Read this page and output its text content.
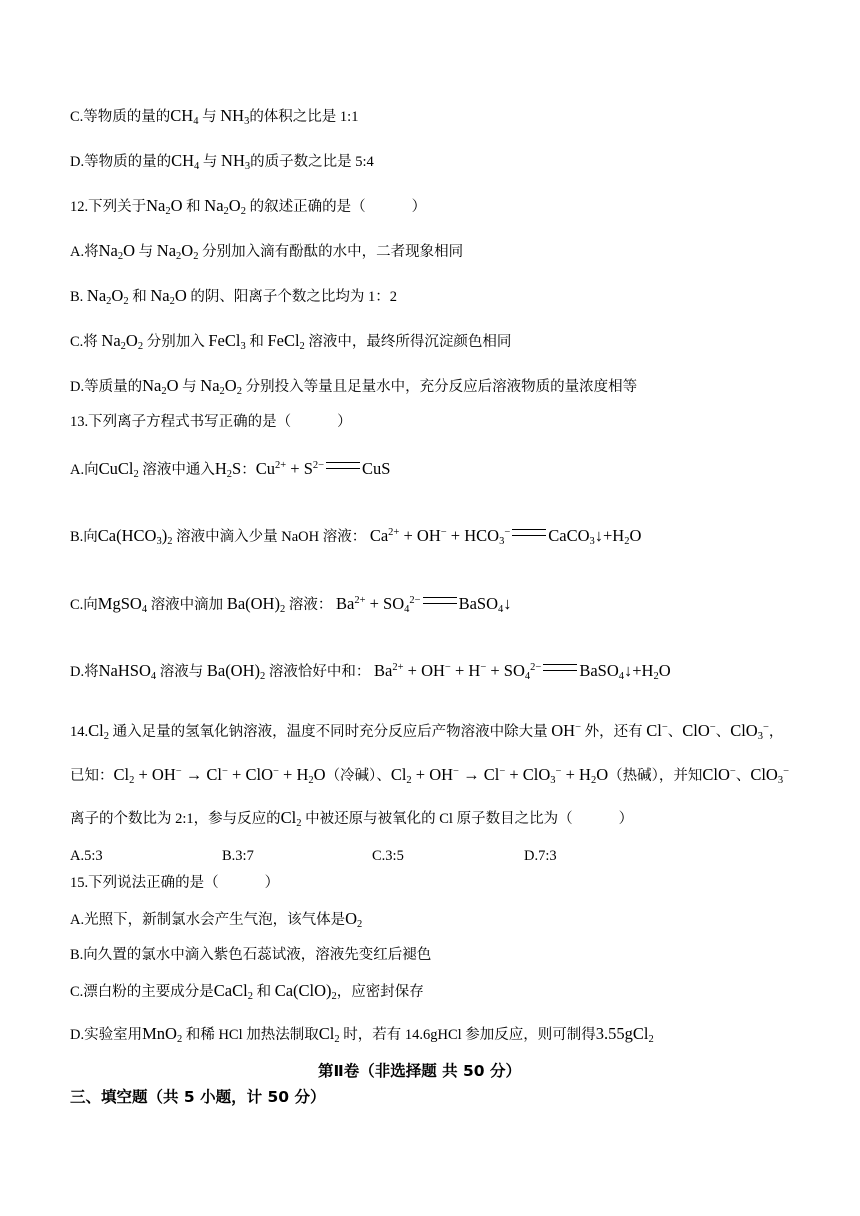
C.等物质的量的$CH_4$ 与 $NH_3$的体积之比是 1:1
D.等物质的量的$CH_4$ 与 $NH_3$的质子数之比是 5:4
12.下列关于$Na_2O$ 和 $Na_2O_2$ 的叙述正确的是（	）
A.将$Na_2O$ 与 $Na_2O_2$ 分别加入滴有酚酞的水中，二者现象相同
B. $Na_2O_2$ 和 $Na_2O$ 的阴、阳离子个数之比均为 1：2
C.将 $Na_2O_2$ 分别加入 FeCl$_3$ 和 FeCl$_2$ 溶液中，最终所得沉淀颜色相同
D.等质量的$Na_2O$ 与 $Na_2O_2$ 分别投入等量且足量水中，充分反应后溶液物质的量浓度相等
13.下列离子方程式书写正确的是（	）
A.向CuCl$_2$ 溶液中通入$H_2S$：$Cu^{2+} + S^{2-}$ CuS
B.向$Ca(HCO_3)_2$ 溶液中滴入少量 NaOH 溶液： $Ca^{2+} + OH^- + HCO_3^-$ $CaCO_3↓+H_2O$
C.向MgSO$_4$ 溶液中滴加 $Ba(OH)_2$ 溶液： $Ba^{2+} + SO_4^{2-}$ BaSO$_4$↓
D.将NaHSO$_4$ 溶液与 $Ba(OH)_2$ 溶液恰好中和： $Ba^{2+} + OH^- + H^- + SO_4^{2-}$ $BaSO_4↓+H_2O$
$14.Cl_2$ 通入足量的氢氧化钠溶液，温度不同时充分反应后产物溶液中除大量 OH− 外，还有 Cl−、ClO−、ClO$_3$−，
已知：$Cl_2 + OH^- \to Cl^- + ClO^- + H_2O$（冷碱）、$Cl_2 + OH^- \to Cl^- + ClO_3^- + H_2O$（热碱），并知ClO−、ClO$_3$−
离子的个数比为 2:1，参与反应的$Cl_2$ 中被还原与被氧化的 Cl 原子数目之比为（	）
A.5:3	B.3:7	C.3:5	D.7:3
15.下列说法正确的是（	）
A.光照下，新制氯水会产生气泡，该气体是$O_2$
B.向久置的氯水中滴入紫色石蕊试液，溶液先变红后褪色
C.漂白粉的主要成分是CaCl$_2$ 和 $Ca(ClO)_2$，应密封保存
D.实验室用MnO$_2$ 和稀 HCl 加热法制取$Cl_2$ 时，若有 14.6gHCl 参加反应，则可制得3.55gCl$_2$
第Ⅱ卷（非选择题 共 50 分）
三、填空题（共 5 小题，计 50 分）
